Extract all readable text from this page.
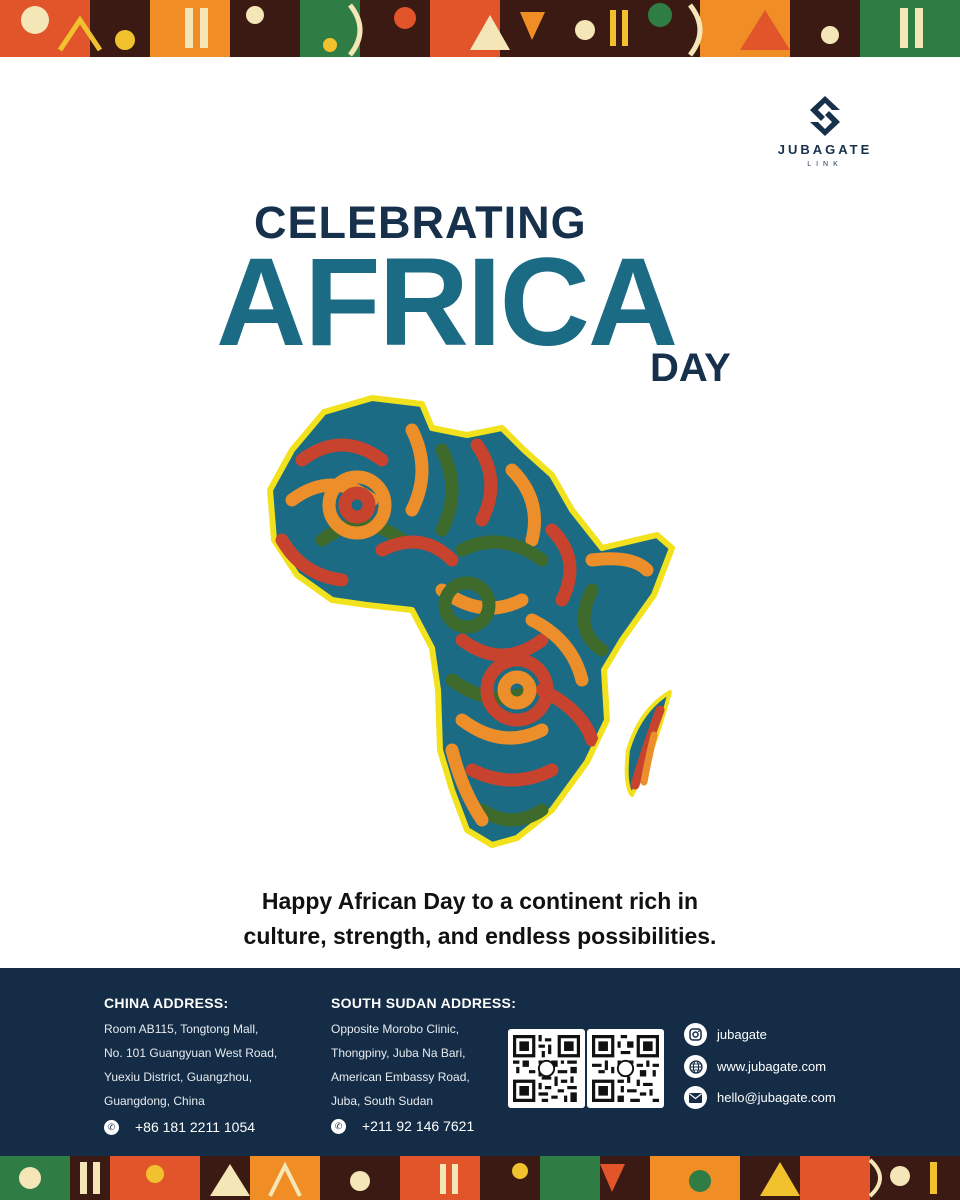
JUBAGATE
LINK
CELEBRATING
AFRICA
DAY
Happy African Day to a continent rich in
culture, strength, and endless possibilities.
CHINA ADDRESS:
Room AB115, Tongtong Mall,
No. 101 Guangyuan West Road,
Yuexiu District, Guangzhou,
Guangdong, China
✆ +86 181 2211 1054
SOUTH SUDAN ADDRESS:
Opposite Morobo Clinic,
Thongpiny, Juba Na Bari,
American Embassy Road,
Juba, South Sudan
✆ +211 92 146 7621
jubagate
www.jubagate.com
hello@jubagate.com
